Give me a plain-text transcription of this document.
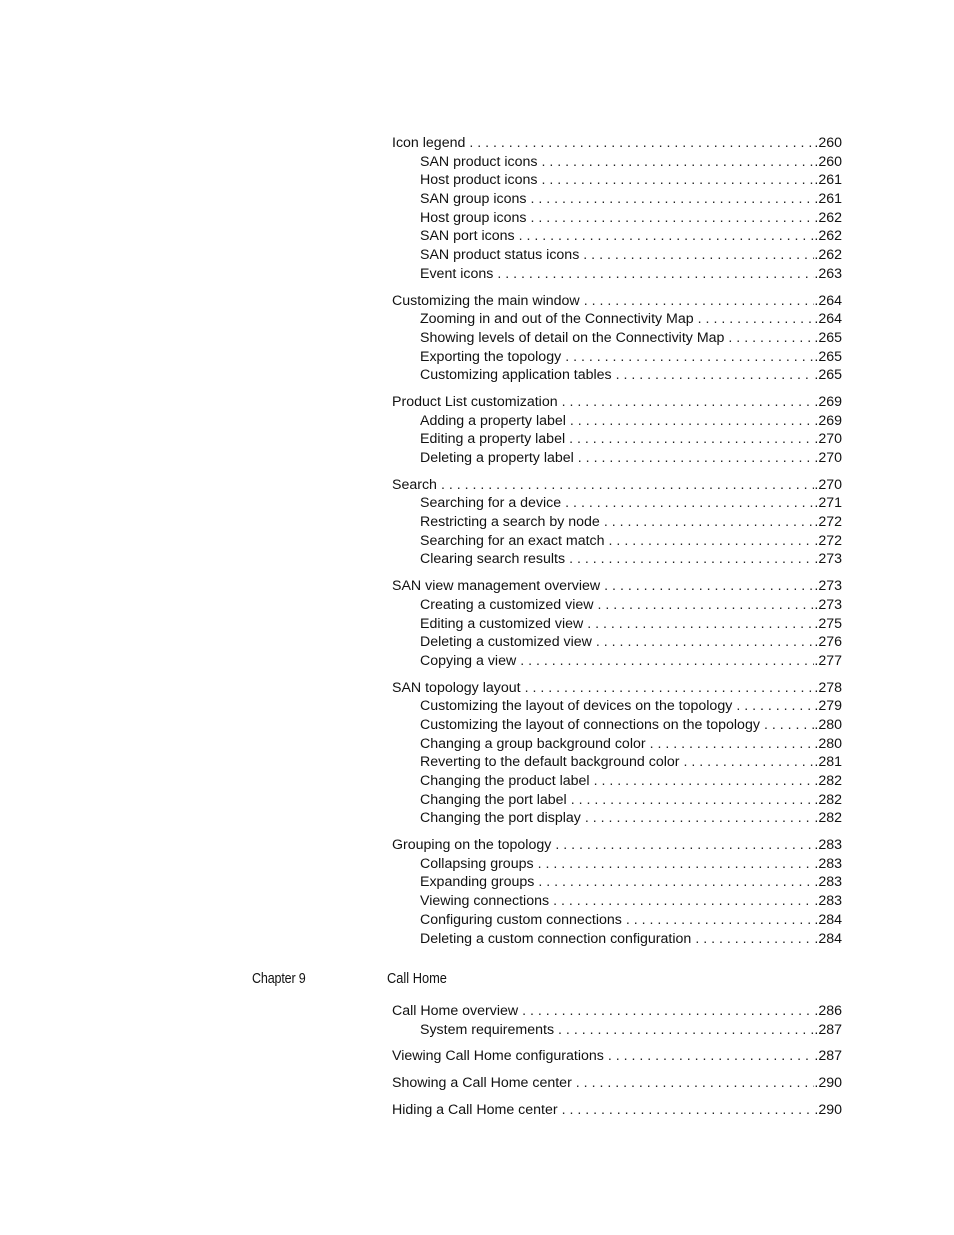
Icon legend . . .	.260
SAN product icons . . .	.260
Host product icons . . .	.261
SAN group icons . . .	.261
Host group icons . . .	.262
SAN port icons . . .	.262
SAN product status icons . . .	.262
Event icons . . .	.263
Customizing the main window . . .	.264
Zooming in and out of the Connectivity Map . . .	.264
Showing levels of detail on the Connectivity Map . . .	.265
Exporting the topology . . .	.265
Customizing application tables . . .	.265
Product List customization . . .	.269
Adding a property label . . .	.269
Editing a property label . . .	.270
Deleting a property label . . .	.270
Search . . .	.270
Searching for a device . . .	.271
Restricting a search by node . . .	.272
Searching for an exact match . . .	.272
Clearing search results . . .	.273
SAN view management overview . . .	.273
Creating a customized view . . .	.273
Editing a customized view . . .	.275
Deleting a customized view . . .	.276
Copying a view . . .	.277
SAN topology layout . . .	.278
Customizing the layout of devices on the topology . . .	.279
Customizing the layout of connections on the topology . . .	.280
Changing a group background color . . .	.280
Reverting to the default background color . . .	.281
Changing the product label . . .	.282
Changing the port label . . .	.282
Changing the port display . . .	.282
Grouping on the topology . . .	.283
Collapsing groups . . .	.283
Expanding groups . . .	.283
Viewing connections . . .	.283
Configuring custom connections . . .	.284
Deleting a custom connection configuration . . .	.284
Chapter 9	Call Home
Call Home overview . . .	.286
System requirements . . .	.287
Viewing Call Home configurations . . .	.287
Showing a Call Home center . . .	.290
Hiding a Call Home center . . .	.290
